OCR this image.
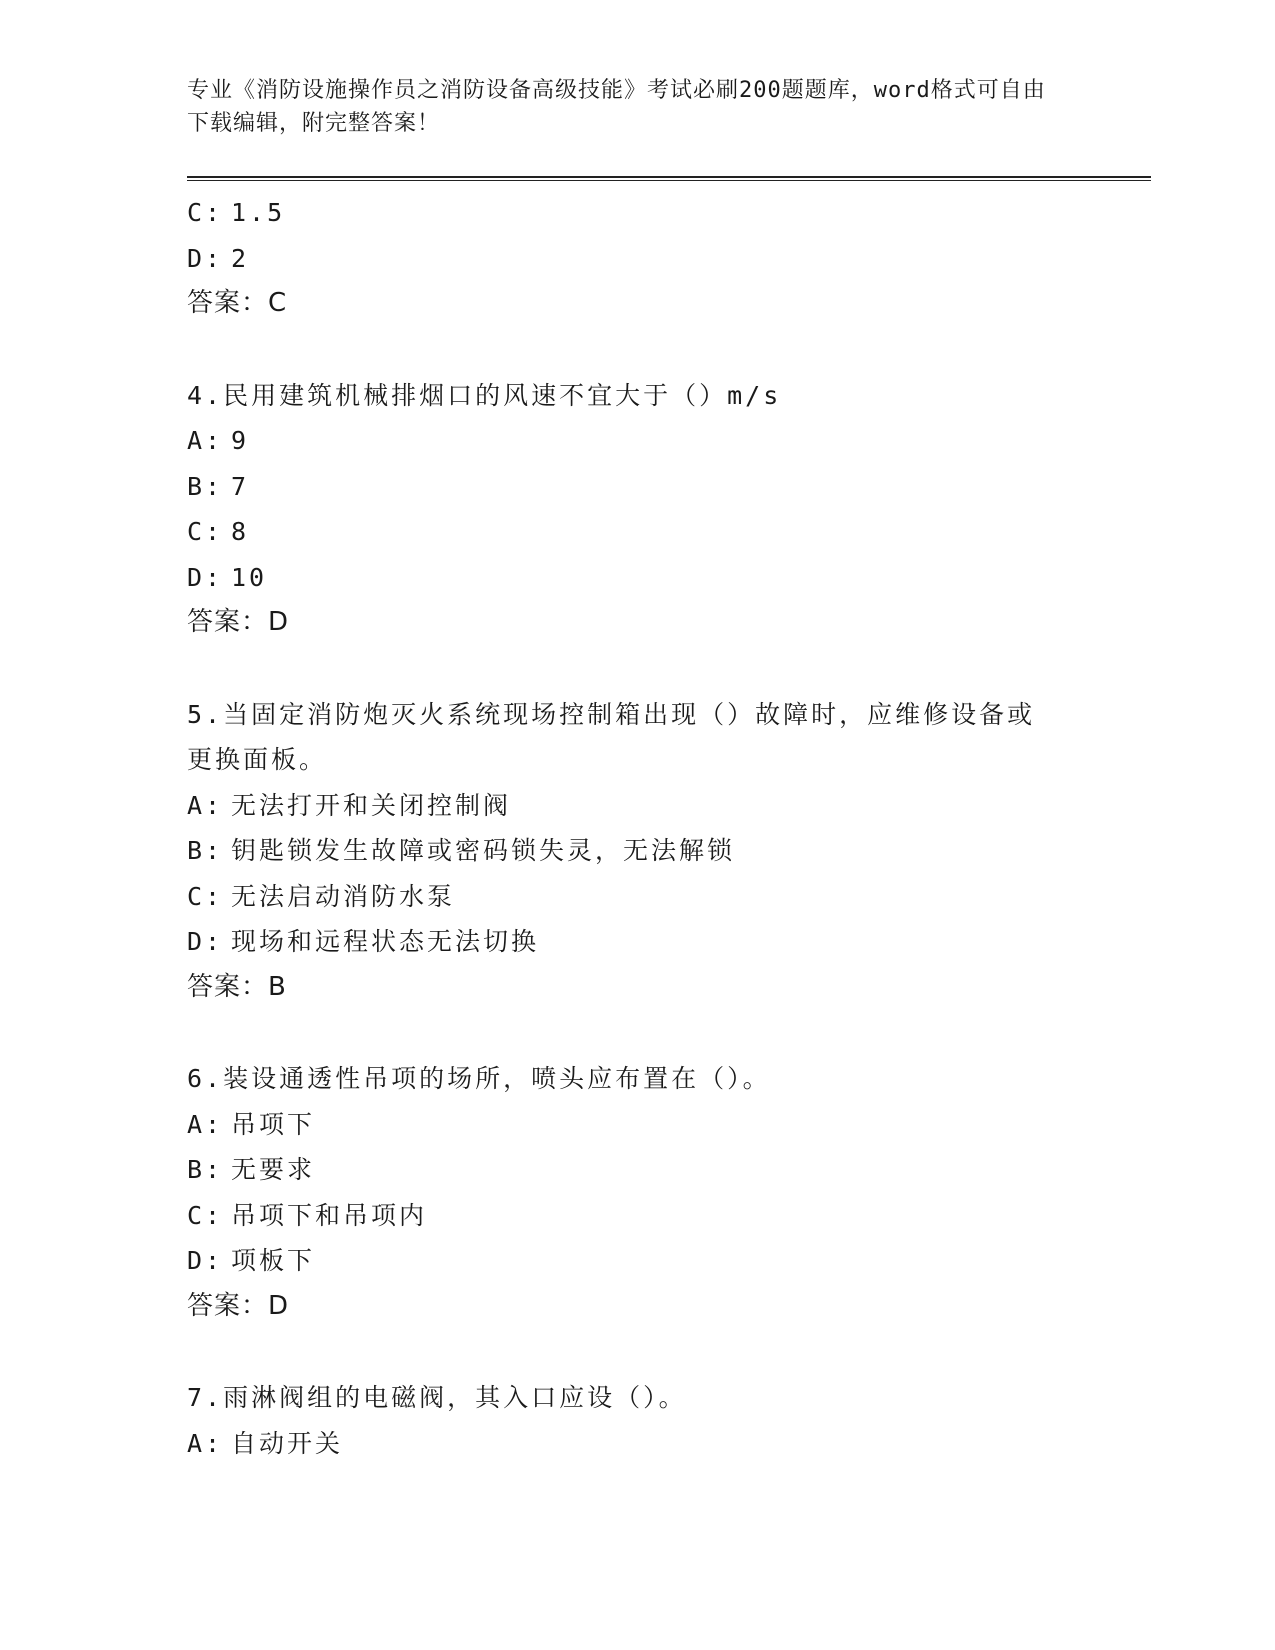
专业《消防设施操作员之消防设备高级技能》考试必刷200题题库，word格式可自由下载编辑，附完整答案！
C: 1.5
D: 2
答案：C
4.民用建筑机械排烟口的风速不宜大于（）m/s
A: 9
B: 7
C: 8
D: 10
答案：D
5.当固定消防炮灭火系统现场控制箱出现（）故障时，应维修设备或更换面板。
A: 无法打开和关闭控制阀
B: 钥匙锁发生故障或密码锁失灵，无法解锁
C: 无法启动消防水泵
D: 现场和远程状态无法切换
答案：B
6.装设通透性吊项的场所，喷头应布置在（）。
A: 吊项下
B: 无要求
C: 吊项下和吊项内
D: 项板下
答案：D
7.雨淋阀组的电磁阀，其入口应设（）。
A: 自动开关
